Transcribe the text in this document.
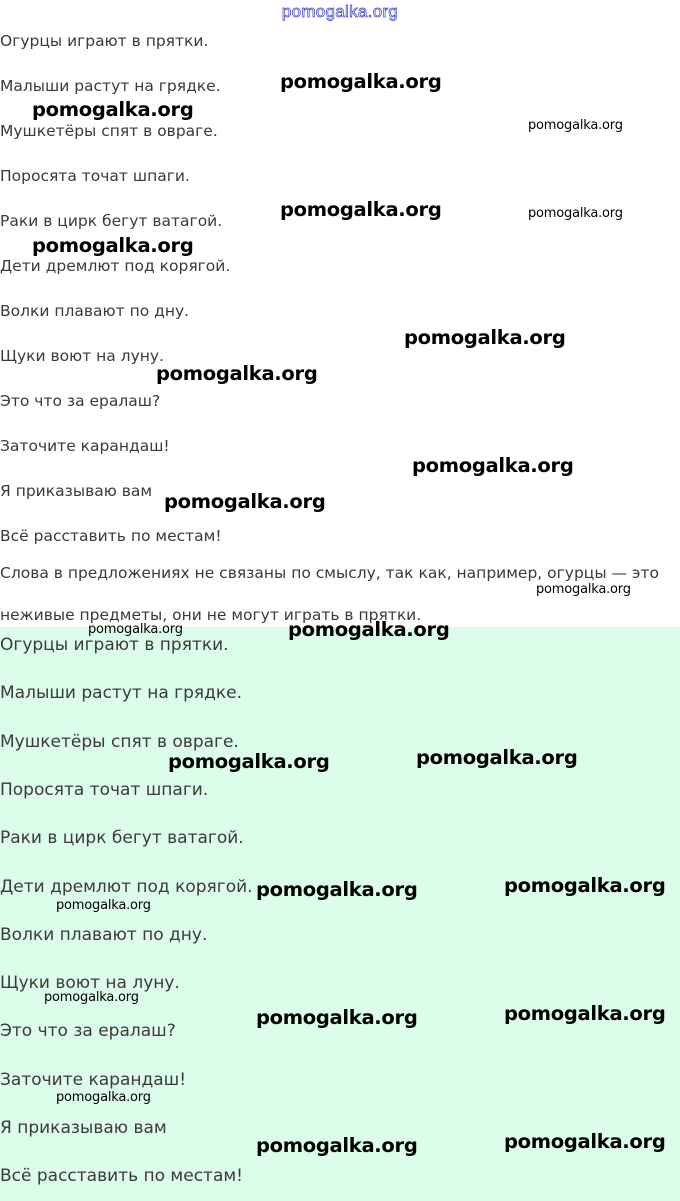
pomogalka.org
Огурцы играют в прятки.
Малыши растут на грядке.
Мушкетёры спят в овраге.
Поросята точат шпаги.
Раки в цирк бегут ватагой.
Дети дремлют под корягой.
Волки плавают по дну.
Щуки воют на луну.
Это что за ералаш?
Заточите карандаш!
Я приказываю вам
Всё расставить по местам!
Слова в предложениях не связаны по смыслу, так как, например, огурцы — это
неживые предметы, они не могут играть в прятки.
Огурцы играют в прятки.
Малыши растут на грядке.
Мушкетёры спят в овраге.
Поросята точат шпаги.
Раки в цирк бегут ватагой.
Дети дремлют под корягой.
Волки плавают по дну.
Щуки воют на луну.
Это что за ералаш?
Заточите карандаш!
Я приказываю вам
Всё расставить по местам!
pomogalka.org
pomogalka.org
pomogalka.org
pomogalka.org	pomogalka.org
pomogalka.org
pomogalka.org
pomogalka.org
pomogalka.org
pomogalka.org
pomogalka.org
pomogalka.org	pomogalka.org
pomogalka.org
pomogalka.org
pomogalka.org
pomogalka.org
pomogalka.org
pomogalka.org
pomogalka.org
pomogalka.org
pomogalka.org
pomogalka.org
pomogalka.org
